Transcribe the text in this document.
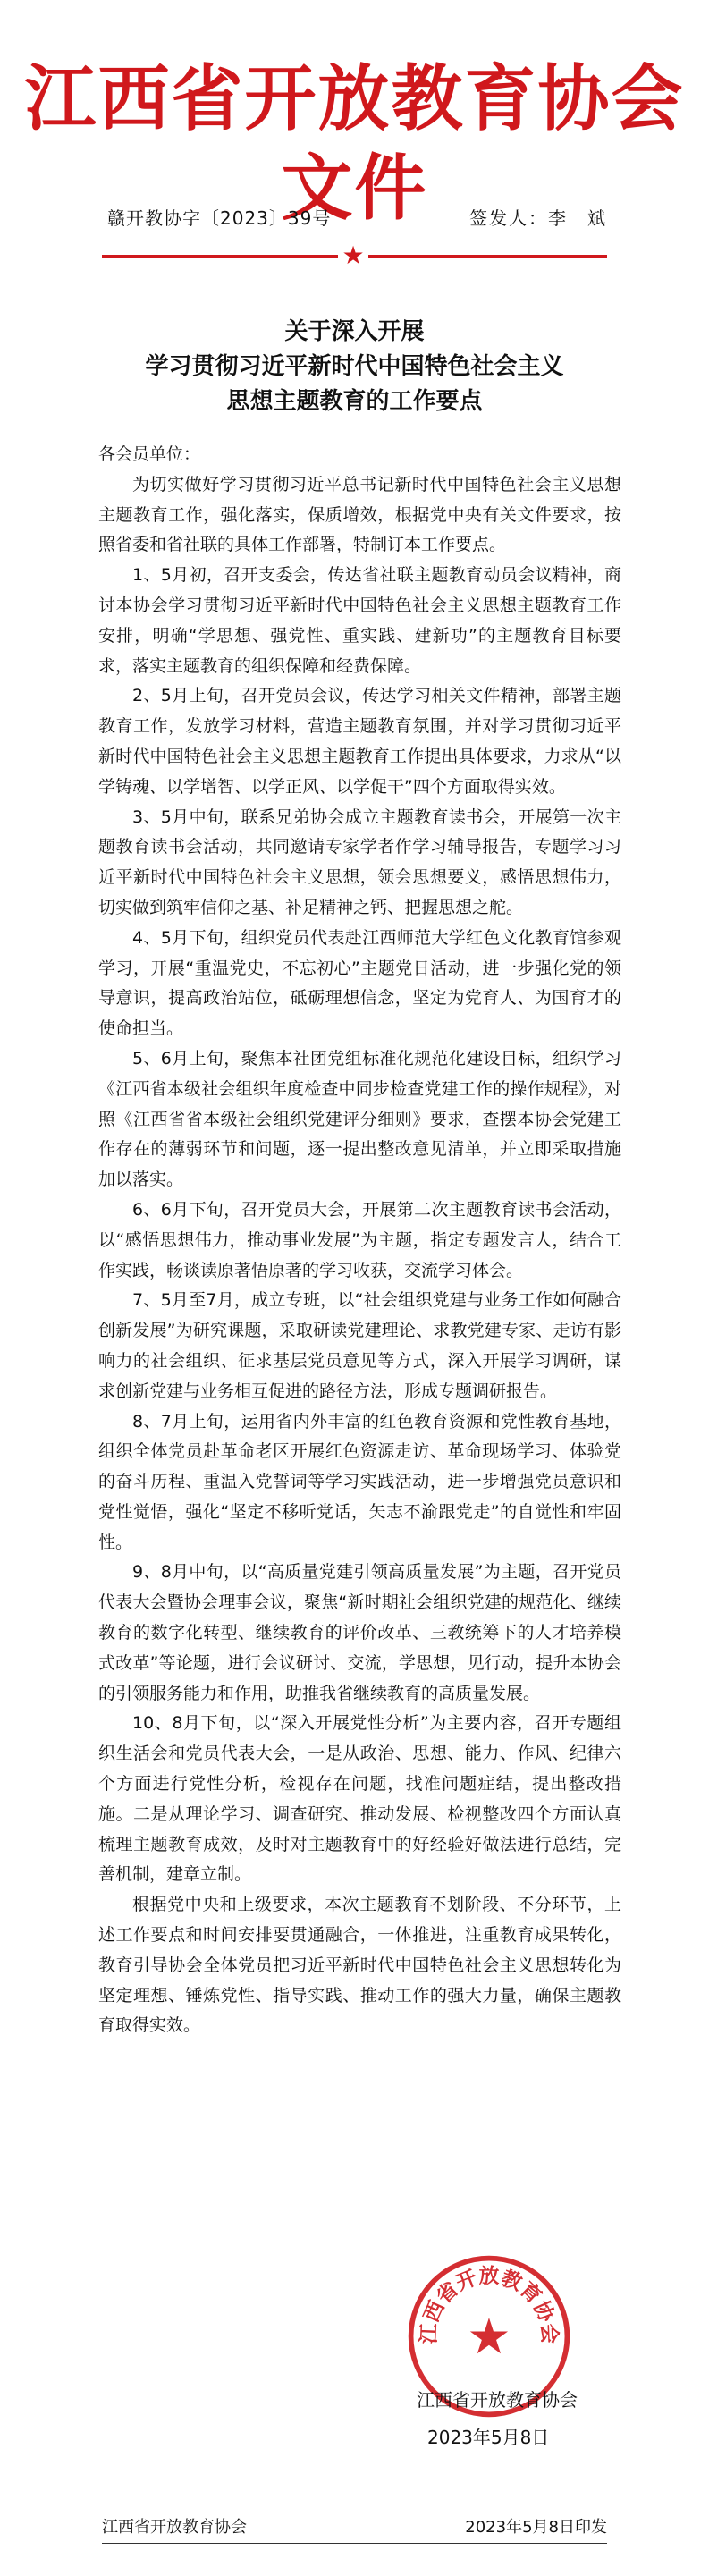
江西省开放教育协会文件
赣开教协字〔2023〕39号	签发人：李　斌
★
关于深入开展
学习贯彻习近平新时代中国特色社会主义
思想主题教育的工作要点

各会员单位：

为切实做好学习贯彻习近平总书记新时代中国特色社会主义思想主题教育工作，强化落实，保质增效，根据党中央有关文件要求，按照省委和省社联的具体工作部署，特制订本工作要点。

1、5月初，召开支委会，传达省社联主题教育动员会议精神，商讨本协会学习贯彻习近平新时代中国特色社会主义思想主题教育工作安排，明确“学思想、强党性、重实践、建新功”的主题教育目标要求，落实主题教育的组织保障和经费保障。

2、5月上旬，召开党员会议，传达学习相关文件精神，部署主题教育工作，发放学习材料，营造主题教育氛围，并对学习贯彻习近平新时代中国特色社会主义思想主题教育工作提出具体要求，力求从“以学铸魂、以学增智、以学正风、以学促干”四个方面取得实效。

3、5月中旬，联系兄弟协会成立主题教育读书会，开展第一次主题教育读书会活动，共同邀请专家学者作学习辅导报告，专题学习习近平新时代中国特色社会主义思想，领会思想要义，感悟思想伟力，切实做到筑牢信仰之基、补足精神之钙、把握思想之舵。

4、5月下旬，组织党员代表赴江西师范大学红色文化教育馆参观学习，开展“重温党史，不忘初心”主题党日活动，进一步强化党的领导意识，提高政治站位，砥砺理想信念，坚定为党育人、为国育才的使命担当。

5、6月上旬，聚焦本社团党组标准化规范化建设目标，组织学习《江西省本级社会组织年度检查中同步检查党建工作的操作规程》，对照《江西省省本级社会组织党建评分细则》要求，查摆本协会党建工作存在的薄弱环节和问题，逐一提出整改意见清单，并立即采取措施加以落实。

6、6月下旬，召开党员大会，开展第二次主题教育读书会活动，以“感悟思想伟力，推动事业发展”为主题，指定专题发言人，结合工作实践，畅谈读原著悟原著的学习收获，交流学习体会。

7、5月至7月，成立专班，以“社会组织党建与业务工作如何融合创新发展”为研究课题，采取研读党建理论、求教党建专家、走访有影响力的社会组织、征求基层党员意见等方式，深入开展学习调研，谋求创新党建与业务相互促进的路径方法，形成专题调研报告。

8、7月上旬，运用省内外丰富的红色教育资源和党性教育基地，组织全体党员赴革命老区开展红色资源走访、革命现场学习、体验党的奋斗历程、重温入党誓词等学习实践活动，进一步增强党员意识和党性觉悟，强化“坚定不移听党话，矢志不渝跟党走”的自觉性和牢固性。

9、8月中旬，以“高质量党建引领高质量发展”为主题，召开党员代表大会暨协会理事会议，聚焦“新时期社会组织党建的规范化、继续教育的数字化转型、继续教育的评价改革、三教统筹下的人才培养模式改革”等论题，进行会议研讨、交流，学思想，见行动，提升本协会的引领服务能力和作用，助推我省继续教育的高质量发展。

10、8月下旬，以“深入开展党性分析”为主要内容，召开专题组织生活会和党员代表大会，一是从政治、思想、能力、作风、纪律六个方面进行党性分析，检视存在问题，找准问题症结，提出整改措施。二是从理论学习、调查研究、推动发展、检视整改四个方面认真梳理主题教育成效，及时对主题教育中的好经验好做法进行总结，完善机制，建章立制。

根据党中央和上级要求，本次主题教育不划阶段、不分环节，上述工作要点和时间安排要贯通融合，一体推进，注重教育成果转化，教育引导协会全体党员把习近平新时代中国特色社会主义思想转化为坚定理想、锤炼党性、指导实践、推动工作的强大力量，确保主题教育取得实效。

江西省开放教育协会
★
江西省开放教育协会
2023年5月8日
江西省开放教育协会	2023年5月8日印发
